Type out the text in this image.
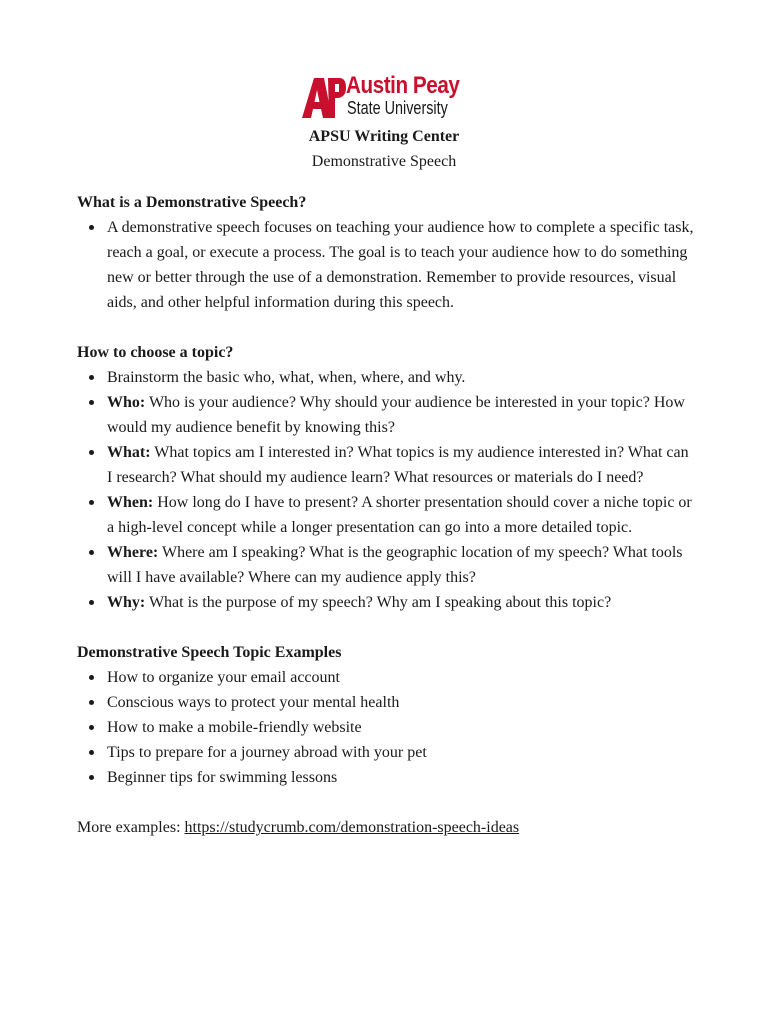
Austin Peay
State University
APSU Writing Center
Demonstrative Speech

What is a Demonstrative Speech?

A demonstrative speech focuses on teaching your audience how to complete a specific task, reach a goal, or execute a process. The goal is to teach your audience how to do something new or better through the use of a demonstration. Remember to provide resources, visual aids, and other helpful information during this speech.

How to choose a topic?

Brainstorm the basic who, what, when, where, and why.
Who: Who is your audience? Why should your audience be interested in your topic? How would my audience benefit by knowing this?
What: What topics am I interested in? What topics is my audience interested in? What can I research? What should my audience learn? What resources or materials do I need?
When: How long do I have to present? A shorter presentation should cover a niche topic or a high-level concept while a longer presentation can go into a more detailed topic.
Where: Where am I speaking? What is the geographic location of my speech? What tools will I have available? Where can my audience apply this?
Why: What is the purpose of my speech? Why am I speaking about this topic?

Demonstrative Speech Topic Examples

How to organize your email account
Conscious ways to protect your mental health
How to make a mobile-friendly website
Tips to prepare for a journey abroad with your pet
Beginner tips for swimming lessons

More examples: https://studycrumb.com/demonstration-speech-ideas
